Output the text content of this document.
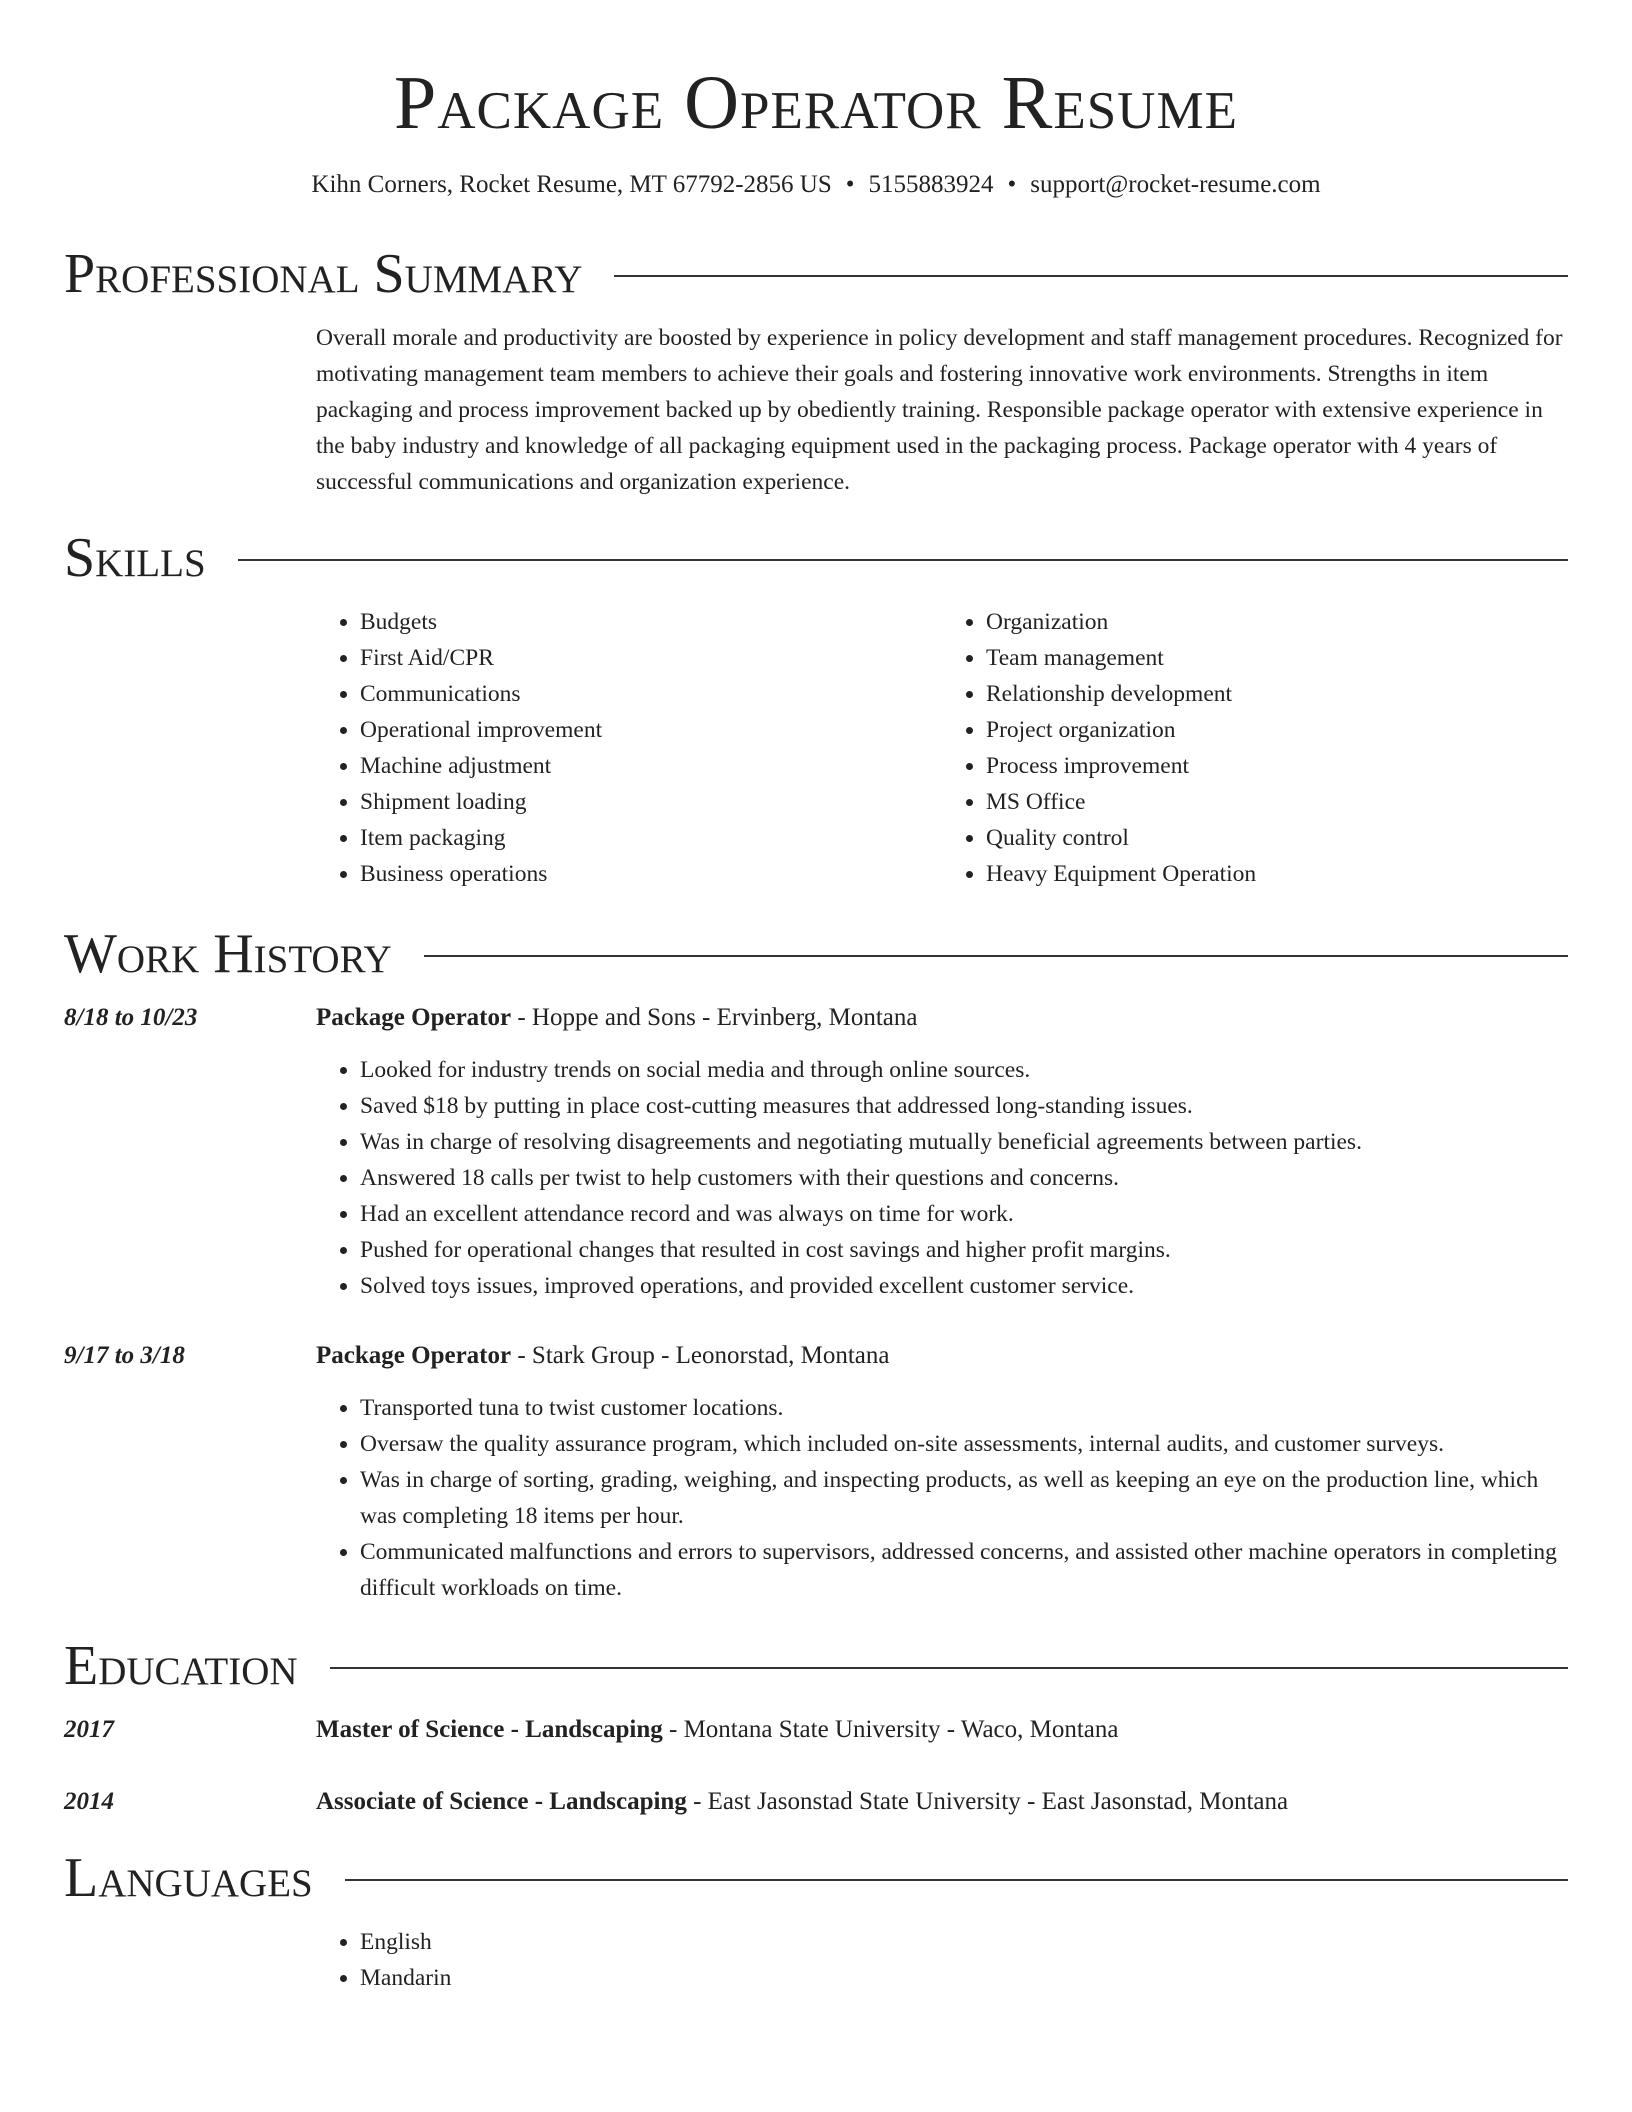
Package Operator Resume
Kihn Corners, Rocket Resume, MT 67792-2856 US • 5155883924 • support@rocket-resume.com
Professional Summary
Overall morale and productivity are boosted by experience in policy development and staff management procedures. Recognized for motivating management team members to achieve their goals and fostering innovative work environments. Strengths in item packaging and process improvement backed up by obediently training. Responsible package operator with extensive experience in the baby industry and knowledge of all packaging equipment used in the packaging process. Package operator with 4 years of successful communications and organization experience.
Skills
• Budgets
• First Aid/CPR
• Communications
• Operational improvement
• Machine adjustment
• Shipment loading
• Item packaging
• Business operations
• Organization
• Team management
• Relationship development
• Project organization
• Process improvement
• MS Office
• Quality control
• Heavy Equipment Operation
Work History
8/18 to 10/23	Package Operator - Hoppe and Sons - Ervinberg, Montana
• Looked for industry trends on social media and through online sources.
• Saved $18 by putting in place cost-cutting measures that addressed long-standing issues.
• Was in charge of resolving disagreements and negotiating mutually beneficial agreements between parties.
• Answered 18 calls per twist to help customers with their questions and concerns.
• Had an excellent attendance record and was always on time for work.
• Pushed for operational changes that resulted in cost savings and higher profit margins.
• Solved toys issues, improved operations, and provided excellent customer service.
9/17 to 3/18	Package Operator - Stark Group - Leonorstad, Montana
• Transported tuna to twist customer locations.
• Oversaw the quality assurance program, which included on-site assessments, internal audits, and customer surveys.
• Was in charge of sorting, grading, weighing, and inspecting products, as well as keeping an eye on the production line, which was completing 18 items per hour.
• Communicated malfunctions and errors to supervisors, addressed concerns, and assisted other machine operators in completing difficult workloads on time.
Education
2017	Master of Science - Landscaping - Montana State University - Waco, Montana
2014	Associate of Science - Landscaping - East Jasonstad State University - East Jasonstad, Montana
Languages
• English
• Mandarin
